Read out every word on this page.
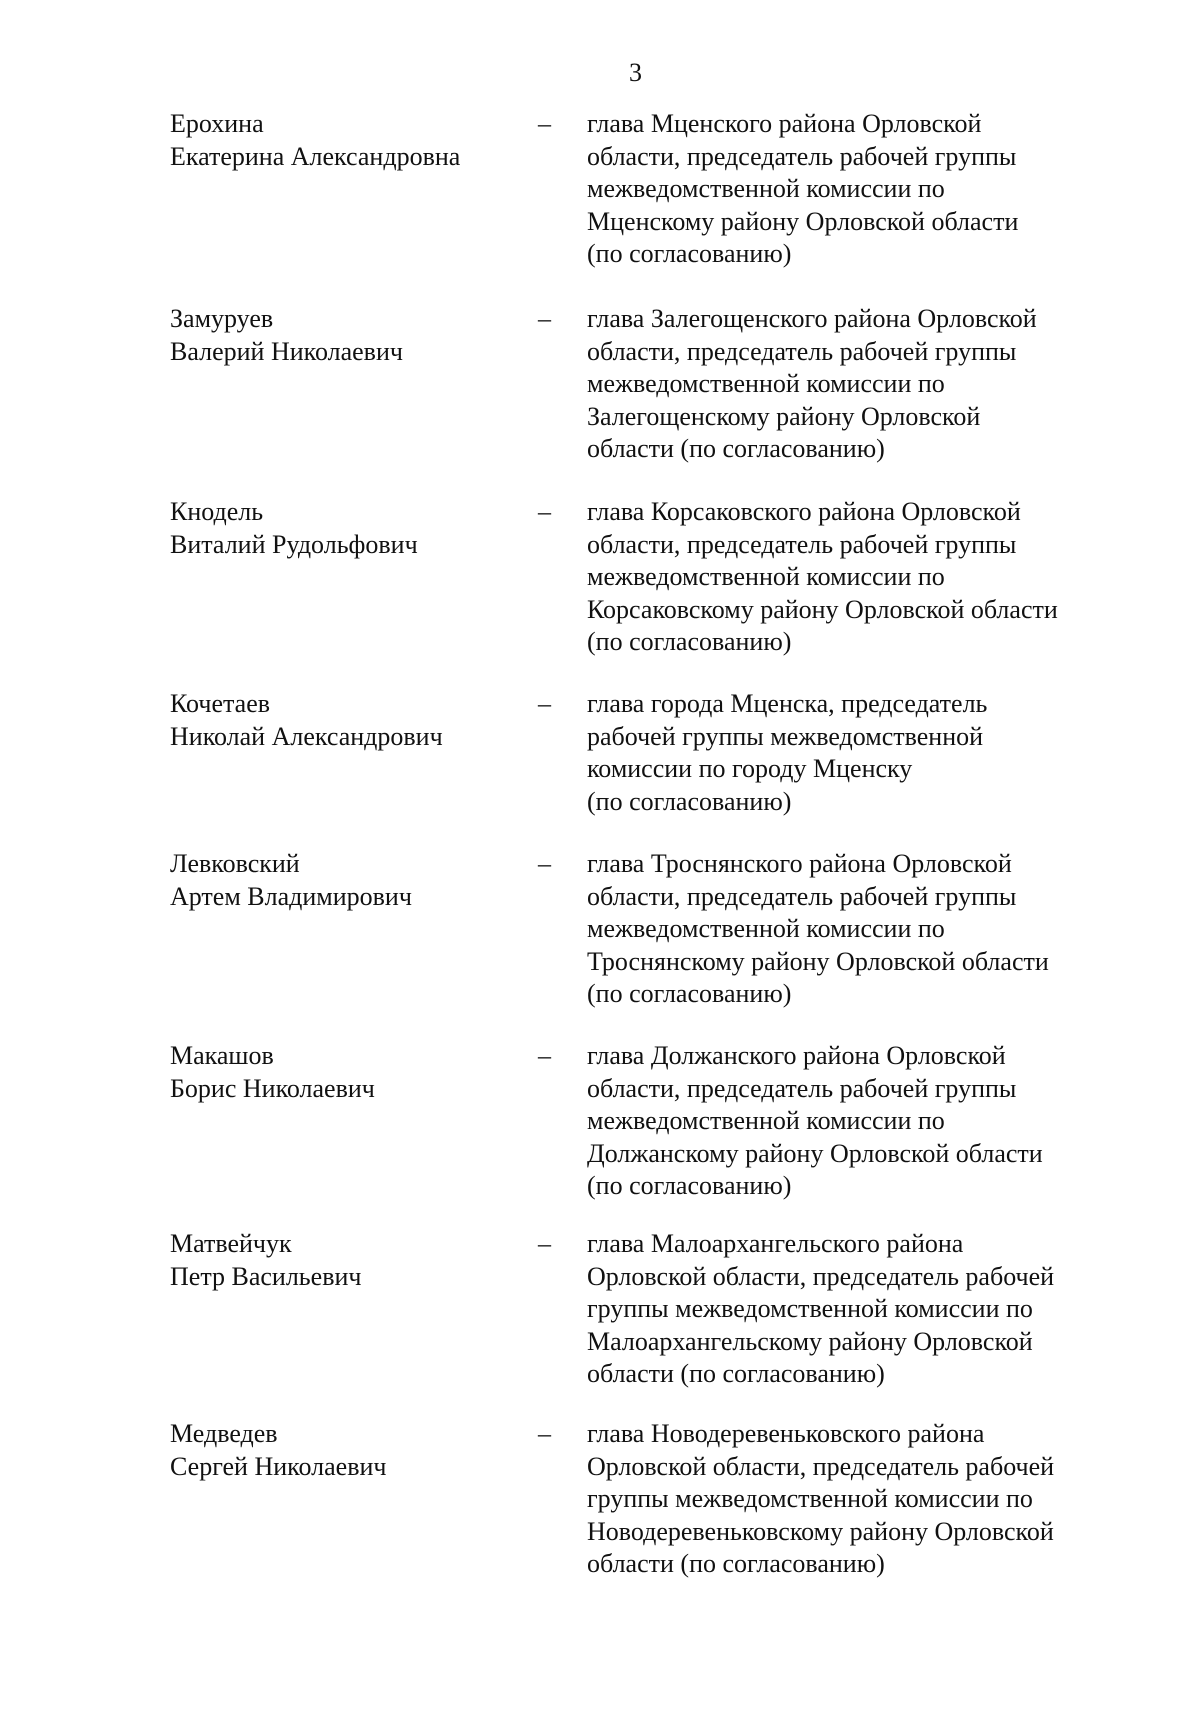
3
Ерохина
Екатерина Александровна
–	глава Мценского района Орловской
области, председатель рабочей группы
межведомственной комиссии по
Мценскому району Орловской области
(по согласованию)
Замуруев
Валерий Николаевич
–	глава Залегощенского района Орловской
области, председатель рабочей группы
межведомственной комиссии по
Залегощенскому району Орловской
области (по согласованию)
Кнодель
Виталий Рудольфович
–	глава Корсаковского района Орловской
области, председатель рабочей группы
межведомственной комиссии по
Корсаковскому району Орловской области
(по согласованию)
Кочетаев
Николай Александрович
–	глава города Мценска, председатель
рабочей группы межведомственной
комиссии по городу Мценску
(по согласованию)
Левковский
Артем Владимирович
–	глава Троснянского района Орловской
области, председатель рабочей группы
межведомственной комиссии по
Троснянскому району Орловской области
(по согласованию)
Макашов
Борис Николаевич
–	глава Должанского района Орловской
области, председатель рабочей группы
межведомственной комиссии по
Должанскому району Орловской области
(по согласованию)
Матвейчук
Петр Васильевич
–	глава Малоархангельского района
Орловской области, председатель рабочей
группы межведомственной комиссии по
Малоархангельскому району Орловской
области (по согласованию)
Медведев
Сергей Николаевич
–	глава Новодеревеньковского района
Орловской области, председатель рабочей
группы межведомственной комиссии по
Новодеревеньковскому району Орловской
области (по согласованию)
